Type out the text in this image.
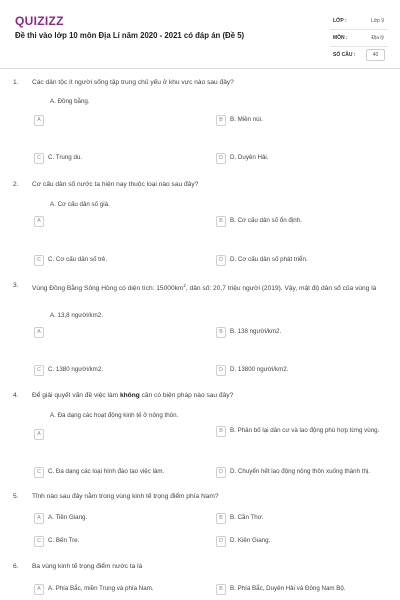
QUIZIZZ
Đề thi vào lớp 10 môn Địa Lí năm 2020 - 2021 có đáp án (Đề 5)
LỚP :	Lớp 9
MÔN :	Địa lý
SỐ CÂU :	40
1. Các dân tộc ít người sống tập trung chủ yếu ở khu vực nào sau đây?
A. Đồng bằng.
A	B	B. Miền núi.
C	C. Trung du.	D	D. Duyên Hải.
2. Cơ cấu dân số nước ta hiện nay thuộc loại nào sau đây?
A. Cơ cấu dân số già.
A	B	B. Cơ cấu dân số ổn định.
C	C. Cơ cấu dân số trẻ.	D	D. Cơ cấu dân số phát triển.
3. Vùng Đồng Bằng Sông Hồng có diện tích: $15000km^2$, dân số: 20,7 triệu người (2019). Vậy, mật độ dân số của vùng là
A. 13,8 người/km2.
A	B	B. 138 người/km2.
C	C. 1380 người/km2.	D	D. 13800 người/km2.
4. Để giải quyết vấn đề việc làm không cần có biện pháp nào sau đây?
A. Đa dạng các hoạt động kinh tế ở nông thôn.
A	B	B. Phân bố lại dân cư và lao động phù hợp từng vùng.
C	C. Đa dạng các loại hình đào tạo việc làm.	D	D. Chuyển hết lao động nông thôn xuống thành thị.
5. Tỉnh nào sau đây nằm trong vùng kinh tế trọng điểm phía Nam?
A	A. Tiền Giang.	B	B. Cần Thơ.
C	C. Bến Tre.	D	D. Kiên Giang.
6. Ba vùng kinh tế trọng điểm nước ta là
A	A. Phía Bắc, miền Trung và phía Nam.	B	B. Phía Bắc, Duyên Hải và Đông Nam Bộ.
